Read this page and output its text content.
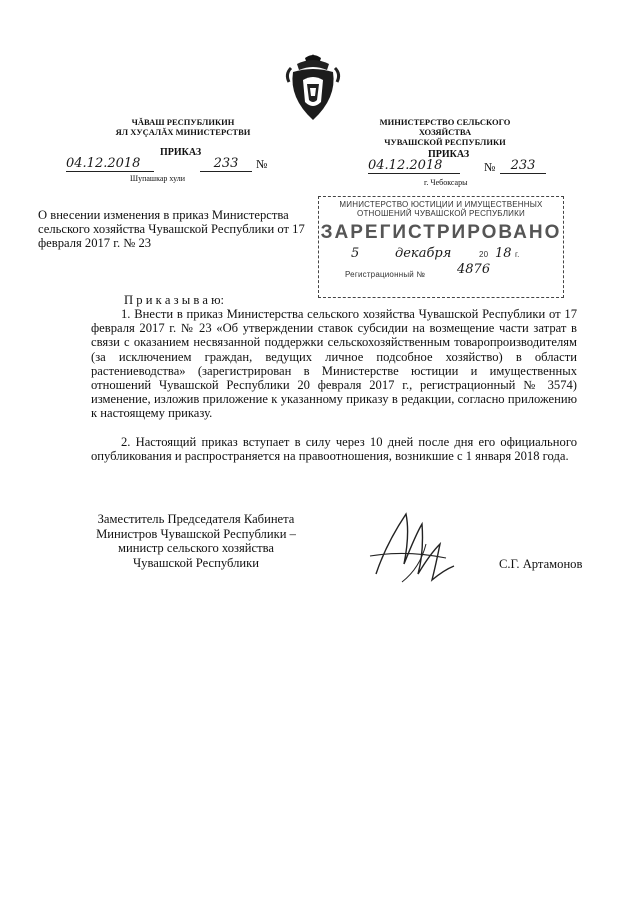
ЧĂВАШ РЕСПУБЛИКИН
ЯЛ ХУÇАЛĂХ МИНИСТЕРСТВИ
МИНИСТЕРСТВО СЕЛЬСКОГО ХОЗЯЙСТВА
ЧУВАШСКОЙ РЕСПУБЛИКИ
ПРИКАЗ
04.12.2018	233	№
Шупашкар хули
ПРИКАЗ
04.12.2018	№	233
г. Чебоксары
МИНИСТЕРСТВО ЮСТИЦИИ И ИМУЩЕСТВЕННЫХ
ОТНОШЕНИЙ ЧУВАШСКОЙ РЕСПУБЛИКИ
ЗАРЕГИСТРИРОВАНО
5	декабря	20 18 г.
Регистрационный № 4876
О внесении изменения в приказ Министерства сельского хозяйства Чувашской Республики от 17 февраля 2017 г. № 23
П р и к а з ы в а ю:
1. Внести в приказ Министерства сельского хозяйства Чувашской Республики от 17 февраля 2017 г. № 23 «Об утверждении ставок субсидии на возмещение части затрат в связи с оказанием несвязанной поддержки сельскохозяйственным товаропроизводителям (за исключением граждан, ведущих личное подсобное хозяйство) в области растениеводства» (зарегистрирован в Министерстве юстиции и имущественных отношений Чувашской Республики 20 февраля 2017 г., регистрационный № 3574) изменение, изложив приложение к указанному приказу в редакции, согласно приложению к настоящему приказу.
2. Настоящий приказ вступает в силу через 10 дней после дня его официального опубликования и распространяется на правоотношения, возникшие с 1 января 2018 года.
Заместитель Председателя Кабинета
Министров Чувашской Республики –
министр сельского хозяйства
Чувашской Республики	С.Г. Артамонов
